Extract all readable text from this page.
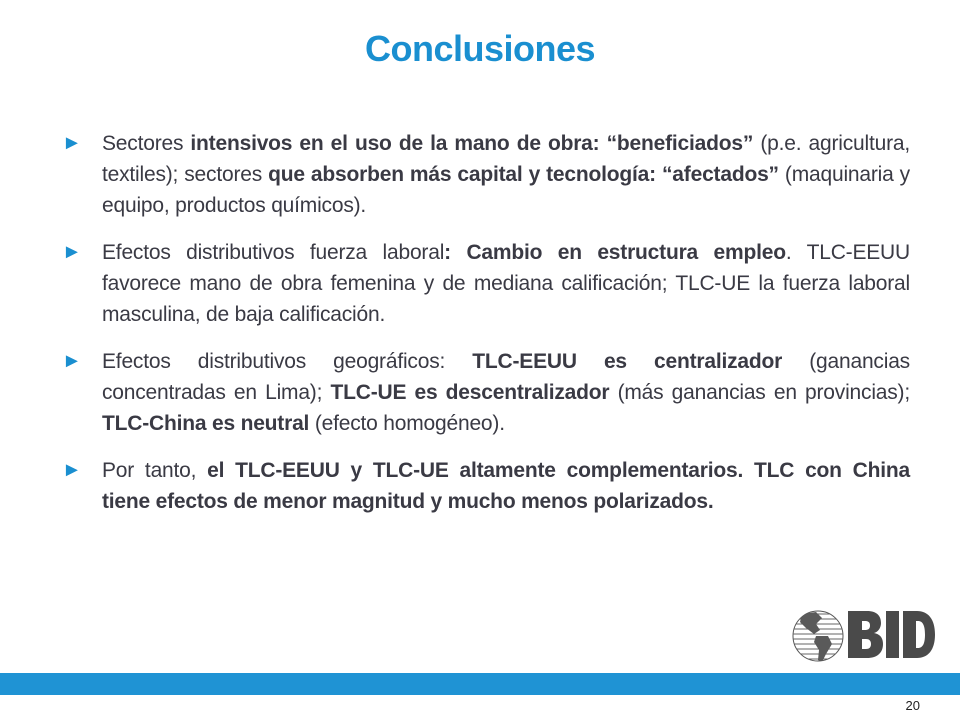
Conclusiones
► Sectores intensivos en el uso de la mano de obra: “beneficiados” (p.e. agricultura, textiles); sectores que absorben más capital y tecnología: “afectados” (maquinaria y equipo, productos químicos).
► Efectos distributivos fuerza laboral: Cambio en estructura empleo. TLC-EEUU favorece mano de obra femenina y de mediana calificación; TLC-UE la fuerza laboral masculina, de baja calificación.
► Efectos distributivos geográficos: TLC-EEUU es centralizador (ganancias concentradas en Lima); TLC-UE es descentralizador (más ganancias en provincias); TLC-China es neutral (efecto homogéneo).
► Por tanto, el TLC-EEUU y TLC-UE altamente complementarios. TLC con China tiene efectos de menor magnitud y mucho menos polarizados.
20
